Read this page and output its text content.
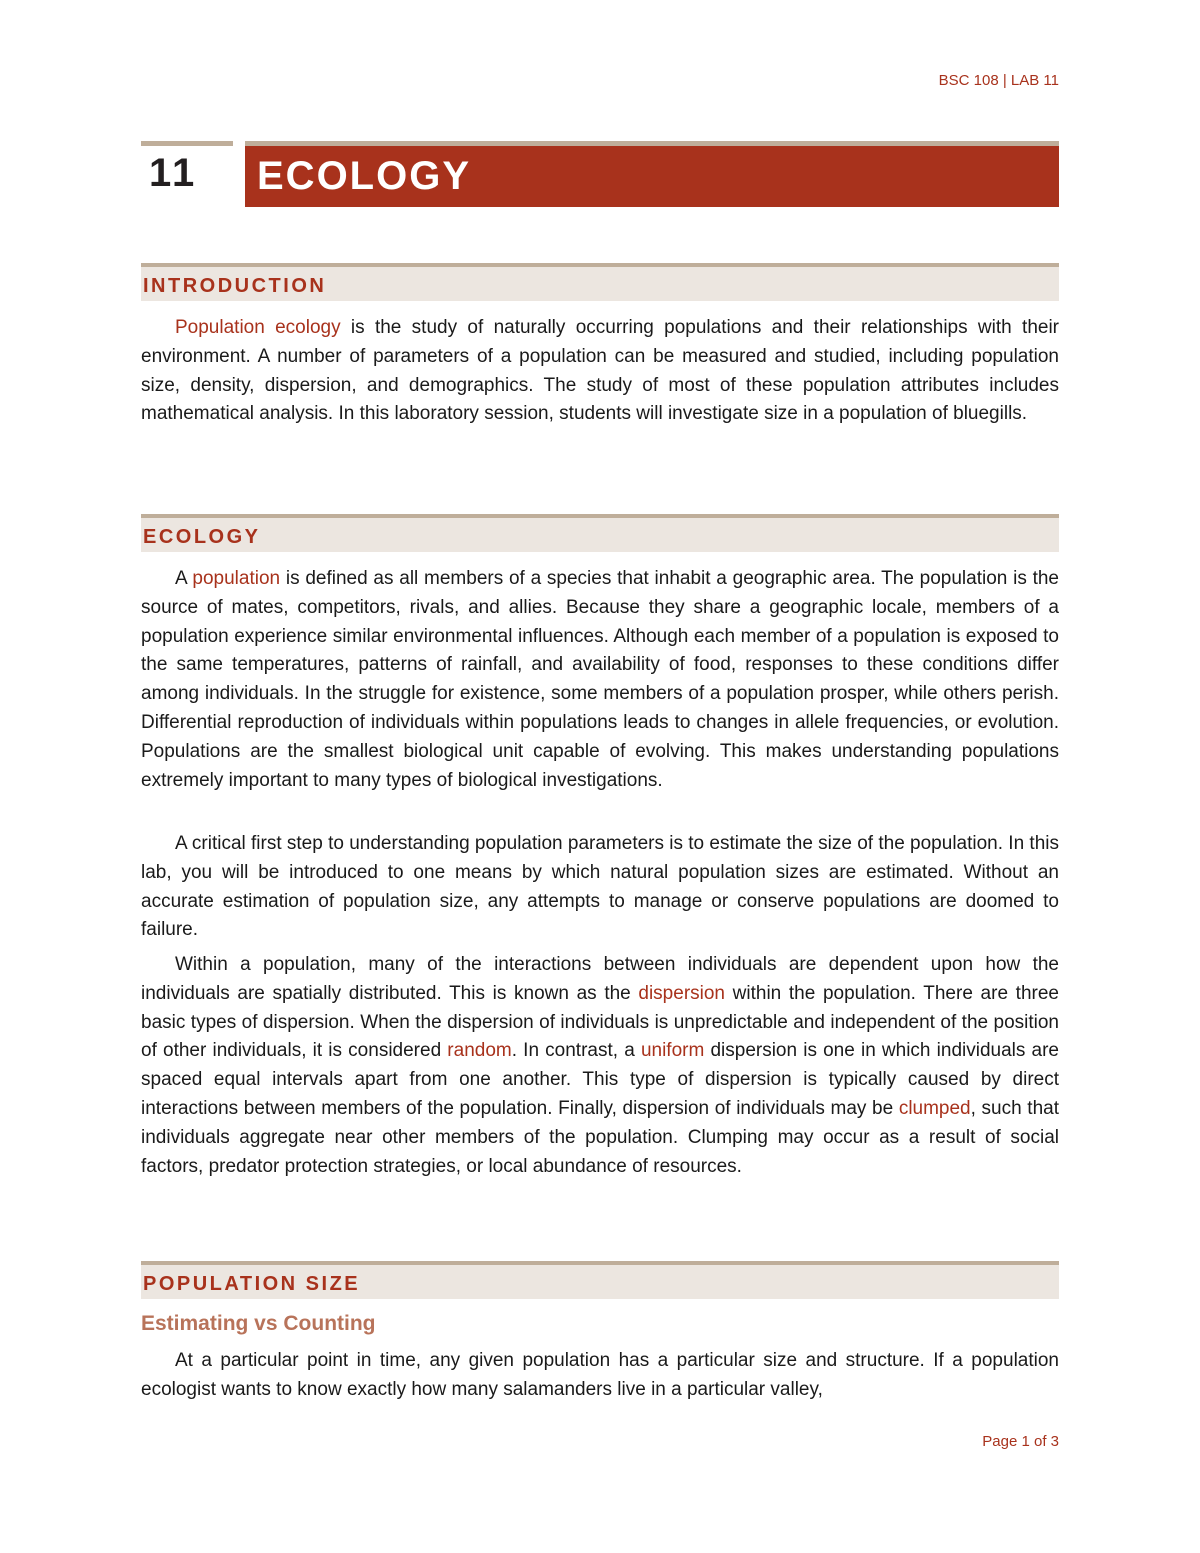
BSC 108 | LAB 11
11 ECOLOGY
INTRODUCTION

Population ecology is the study of naturally occurring populations and their relationships with their environment. A number of parameters of a population can be measured and studied, including population size, density, dispersion, and demographics. The study of most of these population attributes includes mathematical analysis. In this laboratory session, students will investigate size in a population of bluegills.

ECOLOGY

A population is defined as all members of a species that inhabit a geographic area. The population is the source of mates, competitors, rivals, and allies. Because they share a geographic locale, members of a population experience similar environmental influences. Although each member of a population is exposed to the same temperatures, patterns of rainfall, and availability of food, responses to these conditions differ among individuals. In the struggle for existence, some members of a population prosper, while others perish. Differential reproduction of individuals within populations leads to changes in allele frequencies, or evolution. Populations are the smallest biological unit capable of evolving. This makes understanding populations extremely important to many types of biological investigations.

A critical first step to understanding population parameters is to estimate the size of the population. In this lab, you will be introduced to one means by which natural population sizes are estimated. Without an accurate estimation of population size, any attempts to manage or conserve populations are doomed to failure.

Within a population, many of the interactions between individuals are dependent upon how the individuals are spatially distributed. This is known as the dispersion within the population. There are three basic types of dispersion. When the dispersion of individuals is unpredictable and independent of the position of other individuals, it is considered random. In contrast, a uniform dispersion is one in which individuals are spaced equal intervals apart from one another. This type of dispersion is typically caused by direct interactions between members of the population. Finally, dispersion of individuals may be clumped, such that individuals aggregate near other members of the population. Clumping may occur as a result of social factors, predator protection strategies, or local abundance of resources.

POPULATION SIZE
Estimating vs Counting

At a particular point in time, any given population has a particular size and structure. If a population ecologist wants to know exactly how many salamanders live in a particular valley,

Page 1 of 3
